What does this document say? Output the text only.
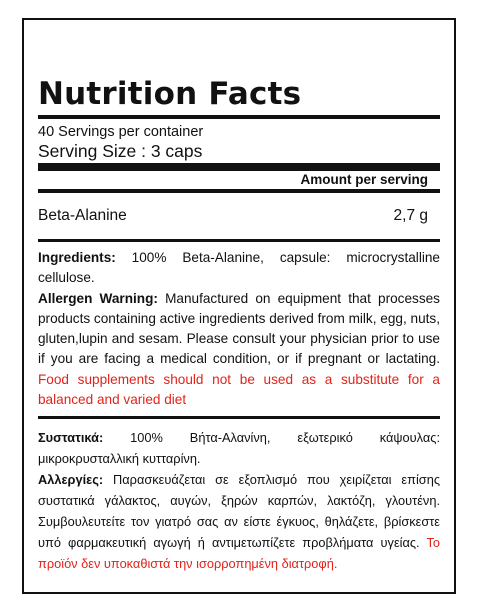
Nutrition Facts
40 Servings per container
Serving Size : 3 caps
Amount per serving
Beta-Alanine	2,7 g
Ingredients: 100% Beta-Alanine, capsule: microcrystalline cellulose.
Allergen Warning: Manufactured on equipment that processes products containing active ingredients derived from milk, egg, nuts, gluten,lupin and sesam. Please consult your physician prior to use if you are facing a medical condition, or if pregnant or lactating. Food supplements should not be used as a substitute for a balanced and varied diet
Συστατικά: 100% Βήτα-Αλανίνη, εξωτερικό κάψουλας: μικροκρυσταλλική κυτταρίνη.
Αλλεργίες: Παρασκευάζεται σε εξοπλισμό που χειρίζεται επίσης συστατικά γάλακτος, αυγών, ξηρών καρπών, λακτόζη, γλουτένη. Συμβουλευτείτε τον γιατρό σας αν είστε έγκυος, θηλάζετε, βρίσκεστε υπό φαρμακευτική αγωγή ή αντιμετωπίζετε προβλήματα υγείας. Το προϊόν δεν υποκαθιστά την ισορροπημένη διατροφή.
